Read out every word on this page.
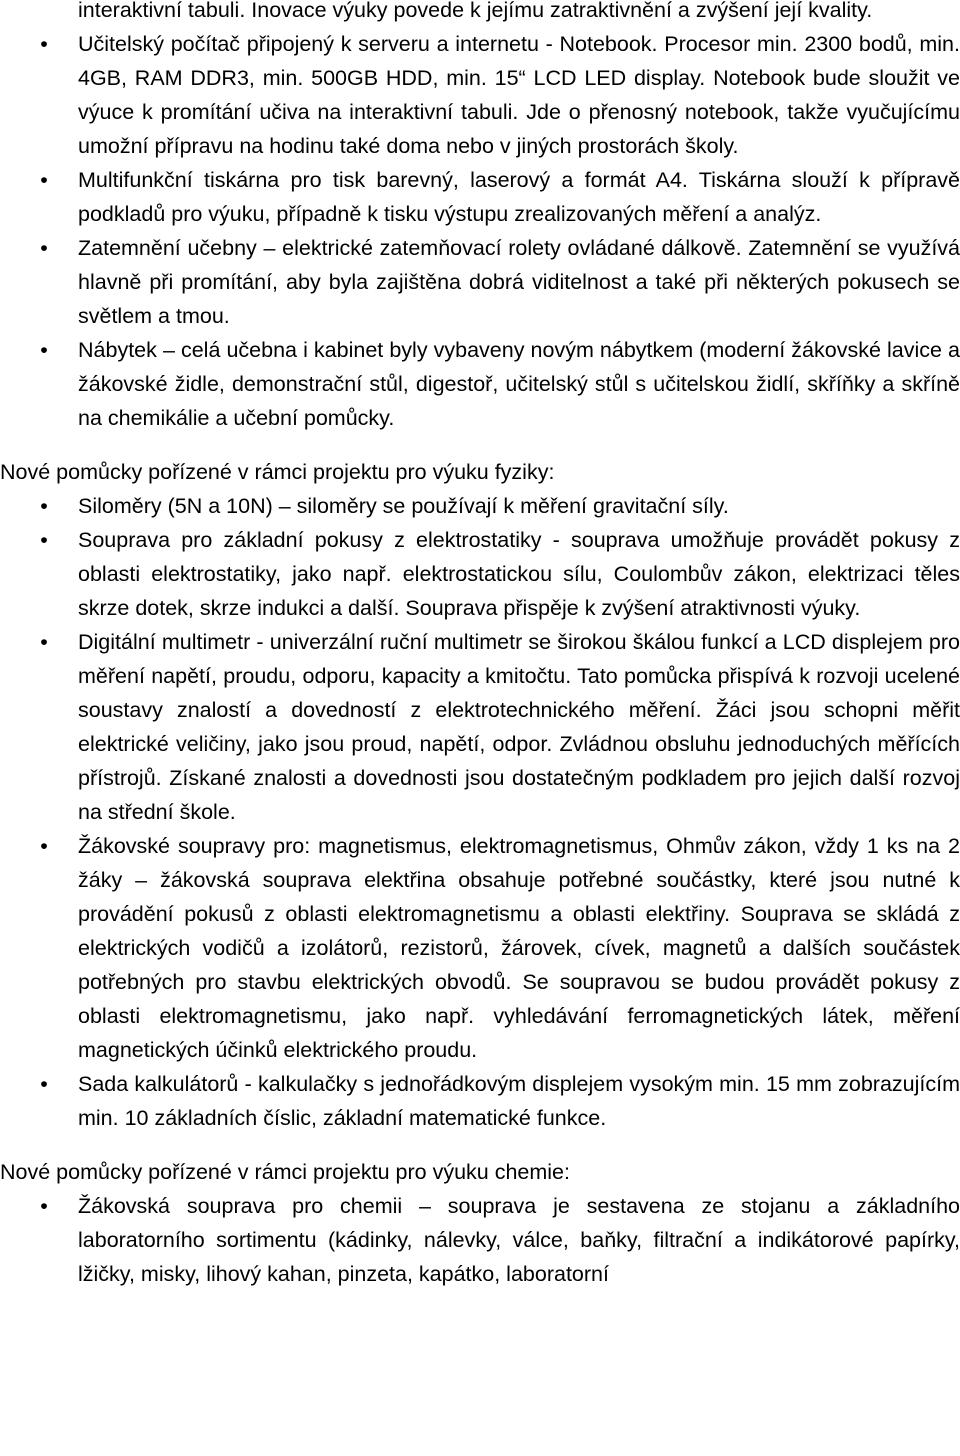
interaktivní tabuli. Inovace výuky povede k jejímu zatraktivnění a zvýšení její kvality.
• Učitelský počítač připojený k serveru a internetu - Notebook. Procesor min. 2300 bodů, min. 4GB, RAM DDR3, min. 500GB HDD, min. 15“ LCD LED display. Notebook bude sloužit ve výuce k promítání učiva na interaktivní tabuli. Jde o přenosný notebook, takže vyučujícímu umožní přípravu na hodinu také doma nebo v jiných prostorách školy.
• Multifunkční tiskárna pro tisk barevný, laserový a formát A4. Tiskárna slouží k přípravě podkladů pro výuku, případně k tisku výstupu zrealizovaných měření a analýz.
• Zatemnění učebny – elektrické zatemňovací rolety ovládané dálkově. Zatemnění se využívá hlavně při promítání, aby byla zajištěna dobrá viditelnost a také při některých pokusech se světlem a tmou.
• Nábytek – celá učebna i kabinet byly vybaveny novým nábytkem (moderní žákovské lavice a žákovské židle, demonstrační stůl, digestoř, učitelský stůl s učitelskou židlí, skříňky a skříně na chemikálie a učební pomůcky.
Nové pomůcky pořízené v rámci projektu pro výuku fyziky:
• Siloměry (5N a 10N) – siloměry se používají k měření gravitační síly.
• Souprava pro základní pokusy z elektrostatiky - souprava umožňuje provádět pokusy z oblasti elektrostatiky, jako např. elektrostatickou sílu, Coulombův zákon, elektrizaci těles skrze dotek, skrze indukci a další. Souprava přispěje k zvýšení atraktivnosti výuky.
• Digitální multimetr - univerzální ruční multimetr se širokou škálou funkcí a LCD displejem pro měření napětí, proudu, odporu, kapacity a kmitočtu. Tato pomůcka přispívá k rozvoji ucelené soustavy znalostí a dovedností z elektrotechnického měření. Žáci jsou schopni měřit elektrické veličiny, jako jsou proud, napětí, odpor. Zvládnou obsluhu jednoduchých měřících přístrojů. Získané znalosti a dovednosti jsou dostatečným podkladem pro jejich další rozvoj na střední škole.
• Žákovské soupravy pro: magnetismus, elektromagnetismus, Ohmův zákon, vždy 1 ks na 2 žáky – žákovská souprava elektřina obsahuje potřebné součástky, které jsou nutné k provádění pokusů z oblasti elektromagnetismu a oblasti elektřiny. Souprava se skládá z elektrických vodičů a izolátorů, rezistorů, žárovek, cívek, magnetů a dalších součástek potřebných pro stavbu elektrických obvodů. Se soupravou se budou provádět pokusy z oblasti elektromagnetismu, jako např. vyhledávání ferromagnetických látek, měření magnetických účinků elektrického proudu.
• Sada kalkulátorů - kalkulačky s jednořádkovým displejem vysokým min. 15 mm zobrazujícím min. 10 základních číslic, základní matematické funkce.
Nové pomůcky pořízené v rámci projektu pro výuku chemie:
• Žákovská souprava pro chemii – souprava je sestavena ze stojanu a základního laboratorního sortimentu (kádinky, nálevky, válce, baňky, filtrační a indikátorové papírky, lžičky, misky, lihový kahan, pinzeta, kapátko, laboratorní
